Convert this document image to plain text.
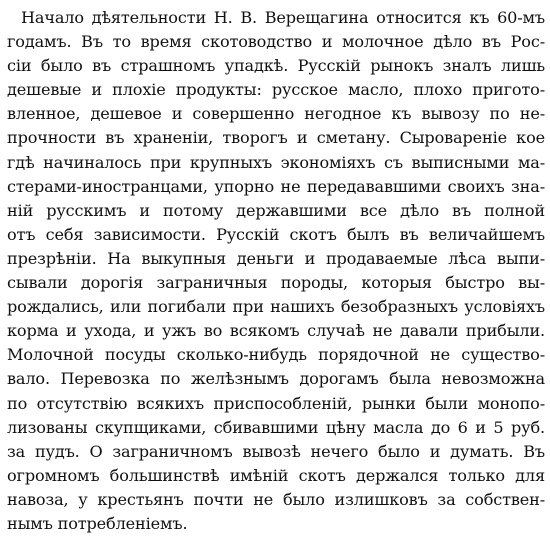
Начало дѣятельности Н. В. Верещагина относится къ 60-мъ
годамъ. Въ то время скотоводство и молочное дѣло въ Рос-
сіи было въ страшномъ упадкѣ. Русскій рынокъ зналъ лишь
дешевые и плохіе продукты: русское масло, плохо пригото-
вленное, дешевое и совершенно негодное къ вывозу по не-
прочности въ храненіи, творогъ и сметану. Сыровареніе кое
гдѣ начиналось при крупныхъ экономіяхъ съ выписными ма-
стерами-иностранцами, упорно не передававшими своихъ зна-
ній русскимъ и потому державшими все дѣло въ полной
отъ себя зависимости. Русскій скотъ былъ въ величайшемъ
презрѣніи. На выкупныя деньги и продаваемые лѣса выпи-
сывали дорогія заграничныя породы, которыя быстро вы-
рождались, или погибали при нашихъ безобразныхъ условіяхъ
корма и ухода, и ужъ во всякомъ случаѣ не давали прибыли.
Молочной посуды сколько-нибудь порядочной не существо-
вало. Перевозка по желѣзнымъ дорогамъ была невозможна
по отсутствію всякихъ приспособленій, рынки были монопо-
лизованы скупщиками, сбивавшими цѣну масла до 6 и 5 руб.
за пудъ. О заграничномъ вывозѣ нечего было и думать. Въ
огромномъ большинствѣ имѣній скотъ держался только для
навоза, у крестьянъ почти не было излишковъ за собствен-
нымъ потребленіемъ.
